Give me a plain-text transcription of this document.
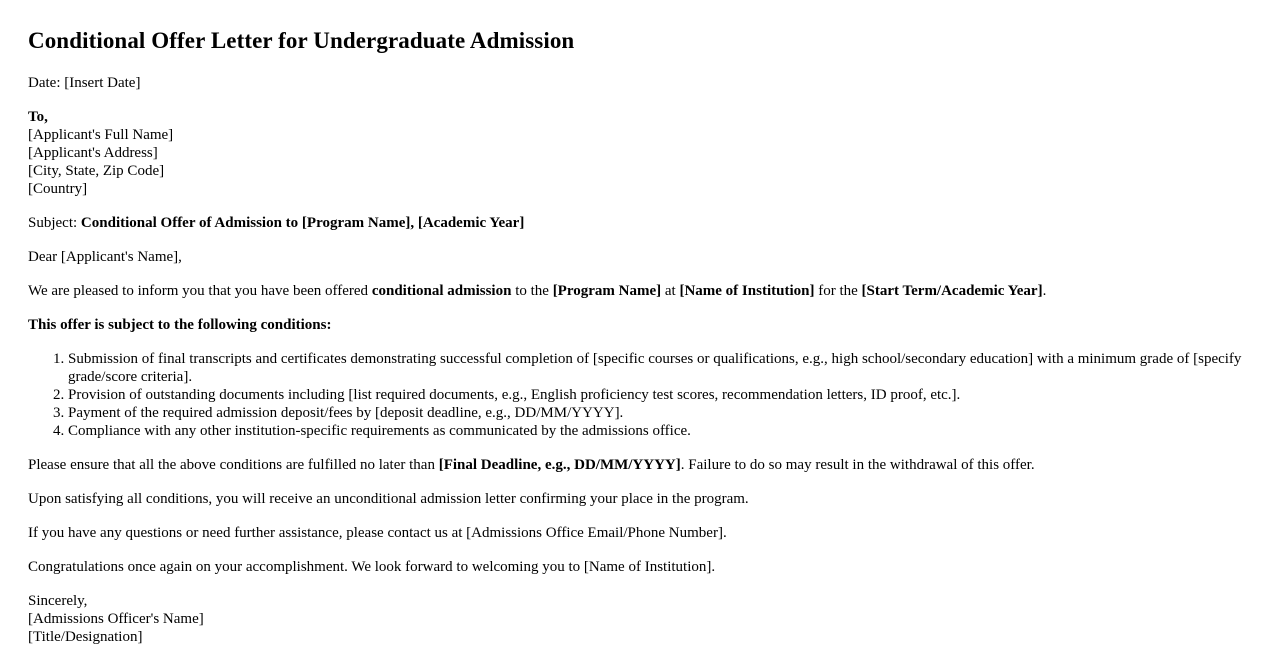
Conditional Offer Letter for Undergraduate Admission

Date: [Insert Date]

To,
[Applicant's Full Name]
[Applicant's Address]
[City, State, Zip Code]
[Country]

Subject: Conditional Offer of Admission to [Program Name], [Academic Year]

Dear [Applicant's Name],

We are pleased to inform you that you have been offered conditional admission to the [Program Name] at [Name of Institution] for the [Start Term/Academic Year].

This offer is subject to the following conditions:

1. Submission of final transcripts and certificates demonstrating successful completion of [specific courses or qualifications, e.g., high school/secondary education] with a minimum grade of [specify grade/score criteria].
2. Provision of outstanding documents including [list required documents, e.g., English proficiency test scores, recommendation letters, ID proof, etc.].
3. Payment of the required admission deposit/fees by [deposit deadline, e.g., DD/MM/YYYY].
4. Compliance with any other institution-specific requirements as communicated by the admissions office.

Please ensure that all the above conditions are fulfilled no later than [Final Deadline, e.g., DD/MM/YYYY]. Failure to do so may result in the withdrawal of this offer.

Upon satisfying all conditions, you will receive an unconditional admission letter confirming your place in the program.

If you have any questions or need further assistance, please contact us at [Admissions Office Email/Phone Number].

Congratulations once again on your accomplishment. We look forward to welcoming you to [Name of Institution].

Sincerely,
[Admissions Officer's Name]
[Title/Designation]
